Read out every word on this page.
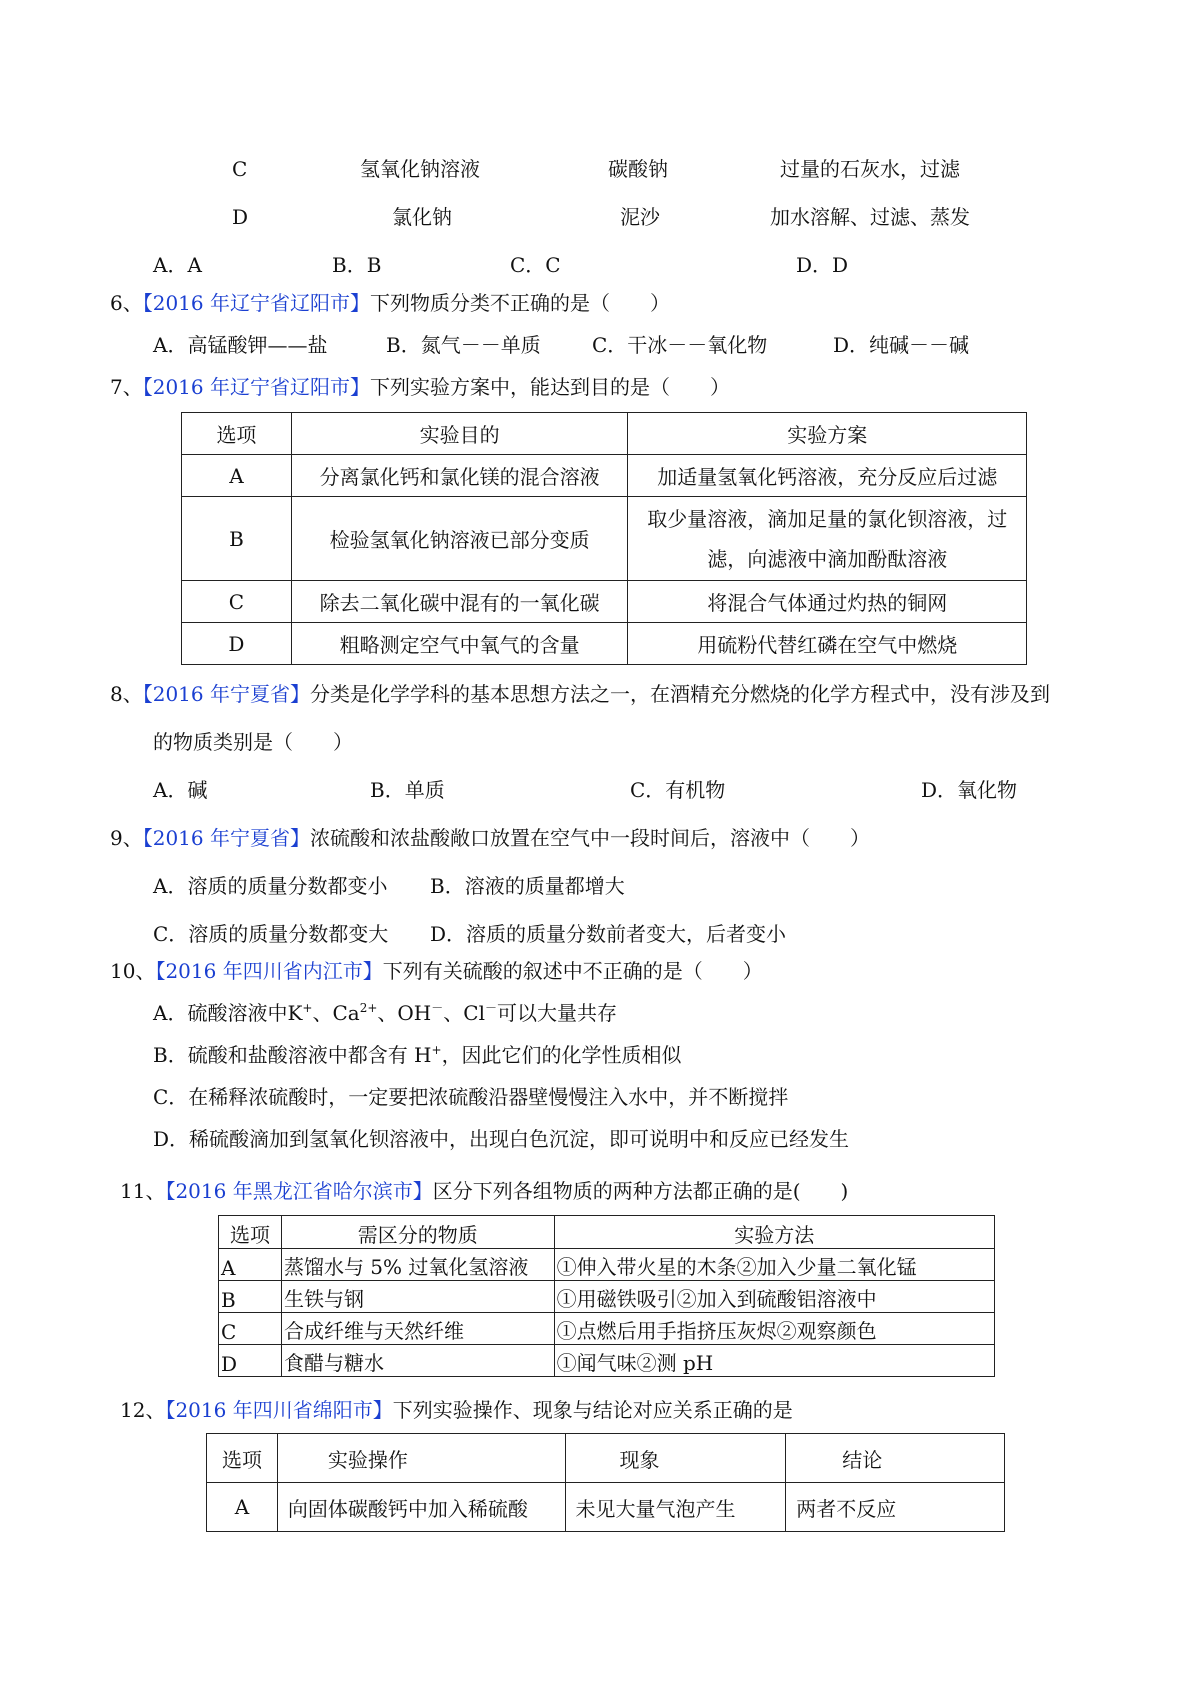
C	氢氧化钠溶液	碳酸钠	过量的石灰水，过滤
D	氯化钠	泥沙	加水溶解、过滤、蒸发
A．A	B．B	C．C	D．D
6、【2016 年辽宁省辽阳市】下列物质分类不正确的是（　　）
A．高锰酸钾——盐	B．氮气－－单质	C．干冰－－氧化物	D．纯碱－－碱
7、【2016 年辽宁省辽阳市】下列实验方案中，能达到目的是（　　）
选项	实验目的	实验方案
A	分离氯化钙和氯化镁的混合溶液	加适量氢氧化钙溶液，充分反应后过滤
B	检验氢氧化钠溶液已部分变质	取少量溶液，滴加足量的氯化钡溶液，过
滤，向滤液中滴加酚酞溶液

C	除去二氧化碳中混有的一氧化碳	将混合气体通过灼热的铜网
D	粗略测定空气中氧气的含量	用硫粉代替红磷在空气中燃烧
8、【2016 年宁夏省】分类是化学学科的基本思想方法之一，在酒精充分燃烧的化学方程式中，没有涉及到
的物质类别是（　　）
A．碱	B．单质	C．有机物	D．氧化物
9、【2016 年宁夏省】浓硫酸和浓盐酸敞口放置在空气中一段时间后，溶液中（　　）
A．溶质的质量分数都变小 B．溶液的质量都增大
C．溶质的质量分数都变大 D．溶质的质量分数前者变大，后者变小
10、【2016 年四川省内江市】下列有关硫酸的叙述中不正确的是（　　）
A．硫酸溶液中K+、$Ca^{2+}$、OH－、Cl－可以大量共存
B．硫酸和盐酸溶液中都含有 H+，因此它们的化学性质相似
C．在稀释浓硫酸时，一定要把浓硫酸沿器壁慢慢注入水中，并不断搅拌
D．稀硫酸滴加到氢氧化钡溶液中，出现白色沉淀，即可说明中和反应已经发生
11、【2016 年黑龙江省哈尔滨市】区分下列各组物质的两种方法都正确的是(　　)
选项	需区分的物质	实验方法
A	蒸馏水与 5% 过氧化氢溶液	①伸入带火星的木条②加入少量二氧化锰
B	生铁与钢	①用磁铁吸引②加入到硫酸铝溶液中
C	合成纤维与天然纤维	①点燃后用手指挤压灰烬②观察颜色
D	食醋与糖水	①闻气味②测 pH
12、【2016 年四川省绵阳市】下列实验操作、现象与结论对应关系正确的是
选项	实验操作	现象	结论
A	向固体碳酸钙中加入稀硫酸	未见大量气泡产生	两者不反应
